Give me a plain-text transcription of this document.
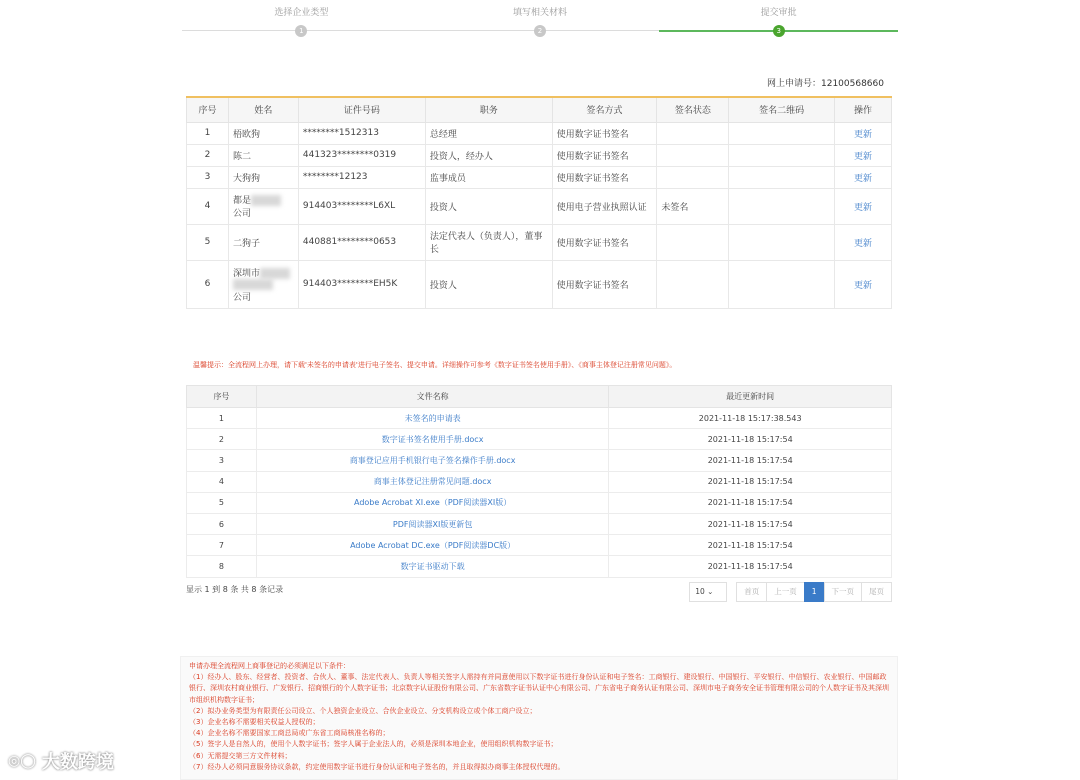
选择企业类型
1
填写相关材料
2
提交审批
3
网上申请号：12100568660
序号	姓名	证件号码	职务	签名方式	签名状态	签名二维码	操作
1	梧欧狗	********1512313	总经理	使用数字证书签名			更新
2	陈二	441323********0319	投资人，经办人	使用数字证书签名			更新
3	大狗狗	********12123	监事成员	使用数字证书签名			更新
4	都是
公司	914403********L6XL	投资人	使用电子营业执照认证	未签名		更新
5	二狗子	440881********0653	法定代表人（负责人），董事长	使用数字证书签名			更新
6	深圳市

公司	914403********EH5K	投资人	使用数字证书签名			更新
温馨提示：全流程网上办理，请下载'未签名的申请表'进行电子签名、提交申请。详细操作可参考《数字证书签名使用手册》、《商事主体登记注册常见问题》。
序号	文件名称	最近更新时间
1	未签名的申请表	2021-11-18 15:17:38.543
2	数字证书签名使用手册.docx	2021-11-18 15:17:54
3	商事登记应用手机银行电子签名操作手册.docx	2021-11-18 15:17:54
4	商事主体登记注册常见问题.docx	2021-11-18 15:17:54
5	Adobe Acrobat XI.exe（PDF阅读器XI版）	2021-11-18 15:17:54
6	PDF阅读器XI版更新包	2021-11-18 15:17:54
7	Adobe Acrobat DC.exe（PDF阅读器DC版）	2021-11-18 15:17:54
8	数字证书驱动下载	2021-11-18 15:17:54
显示 1 到 8 条 共 8 条记录	10 ⌄	首页	上一页	1	下一页	尾页

申请办理全流程网上商事登记的必须满足以下条件：

（1）经办人、股东、经营者、投资者、合伙人、董事、法定代表人、负责人等相关签字人需持有并同意使用以下数字证书进行身份认证和电子签名：工商银行、建设银行、中国银行、平安银行、中信银行、农业银行、中国邮政银行、深圳农村商业银行、广发银行、招商银行的个人数字证书；北京数字认证股份有限公司、广东省数字证书认证中心有限公司、广东省电子商务认证有限公司、深圳市电子商务安全证书管理有限公司的个人数字证书及其深圳市组织机构数字证书；

（2）拟办业务类型为有限责任公司设立、个人独资企业设立、合伙企业设立、分支机构设立或个体工商户设立；

（3）企业名称不需要相关权益人授权的；

（4）企业名称不需要国家工商总局或广东省工商局核准名称的；

（5）签字人是自然人的，使用个人数字证书；签字人属于企业法人的，必须是深圳本地企业，使用组织机构数字证书；

（6）无需提交第三方文件材料；

（7）经办人必须同意服务协议条款，约定使用数字证书进行身份认证和电子签名的，并且取得拟办商事主体授权代理的。

◎◯ 大数跨境
